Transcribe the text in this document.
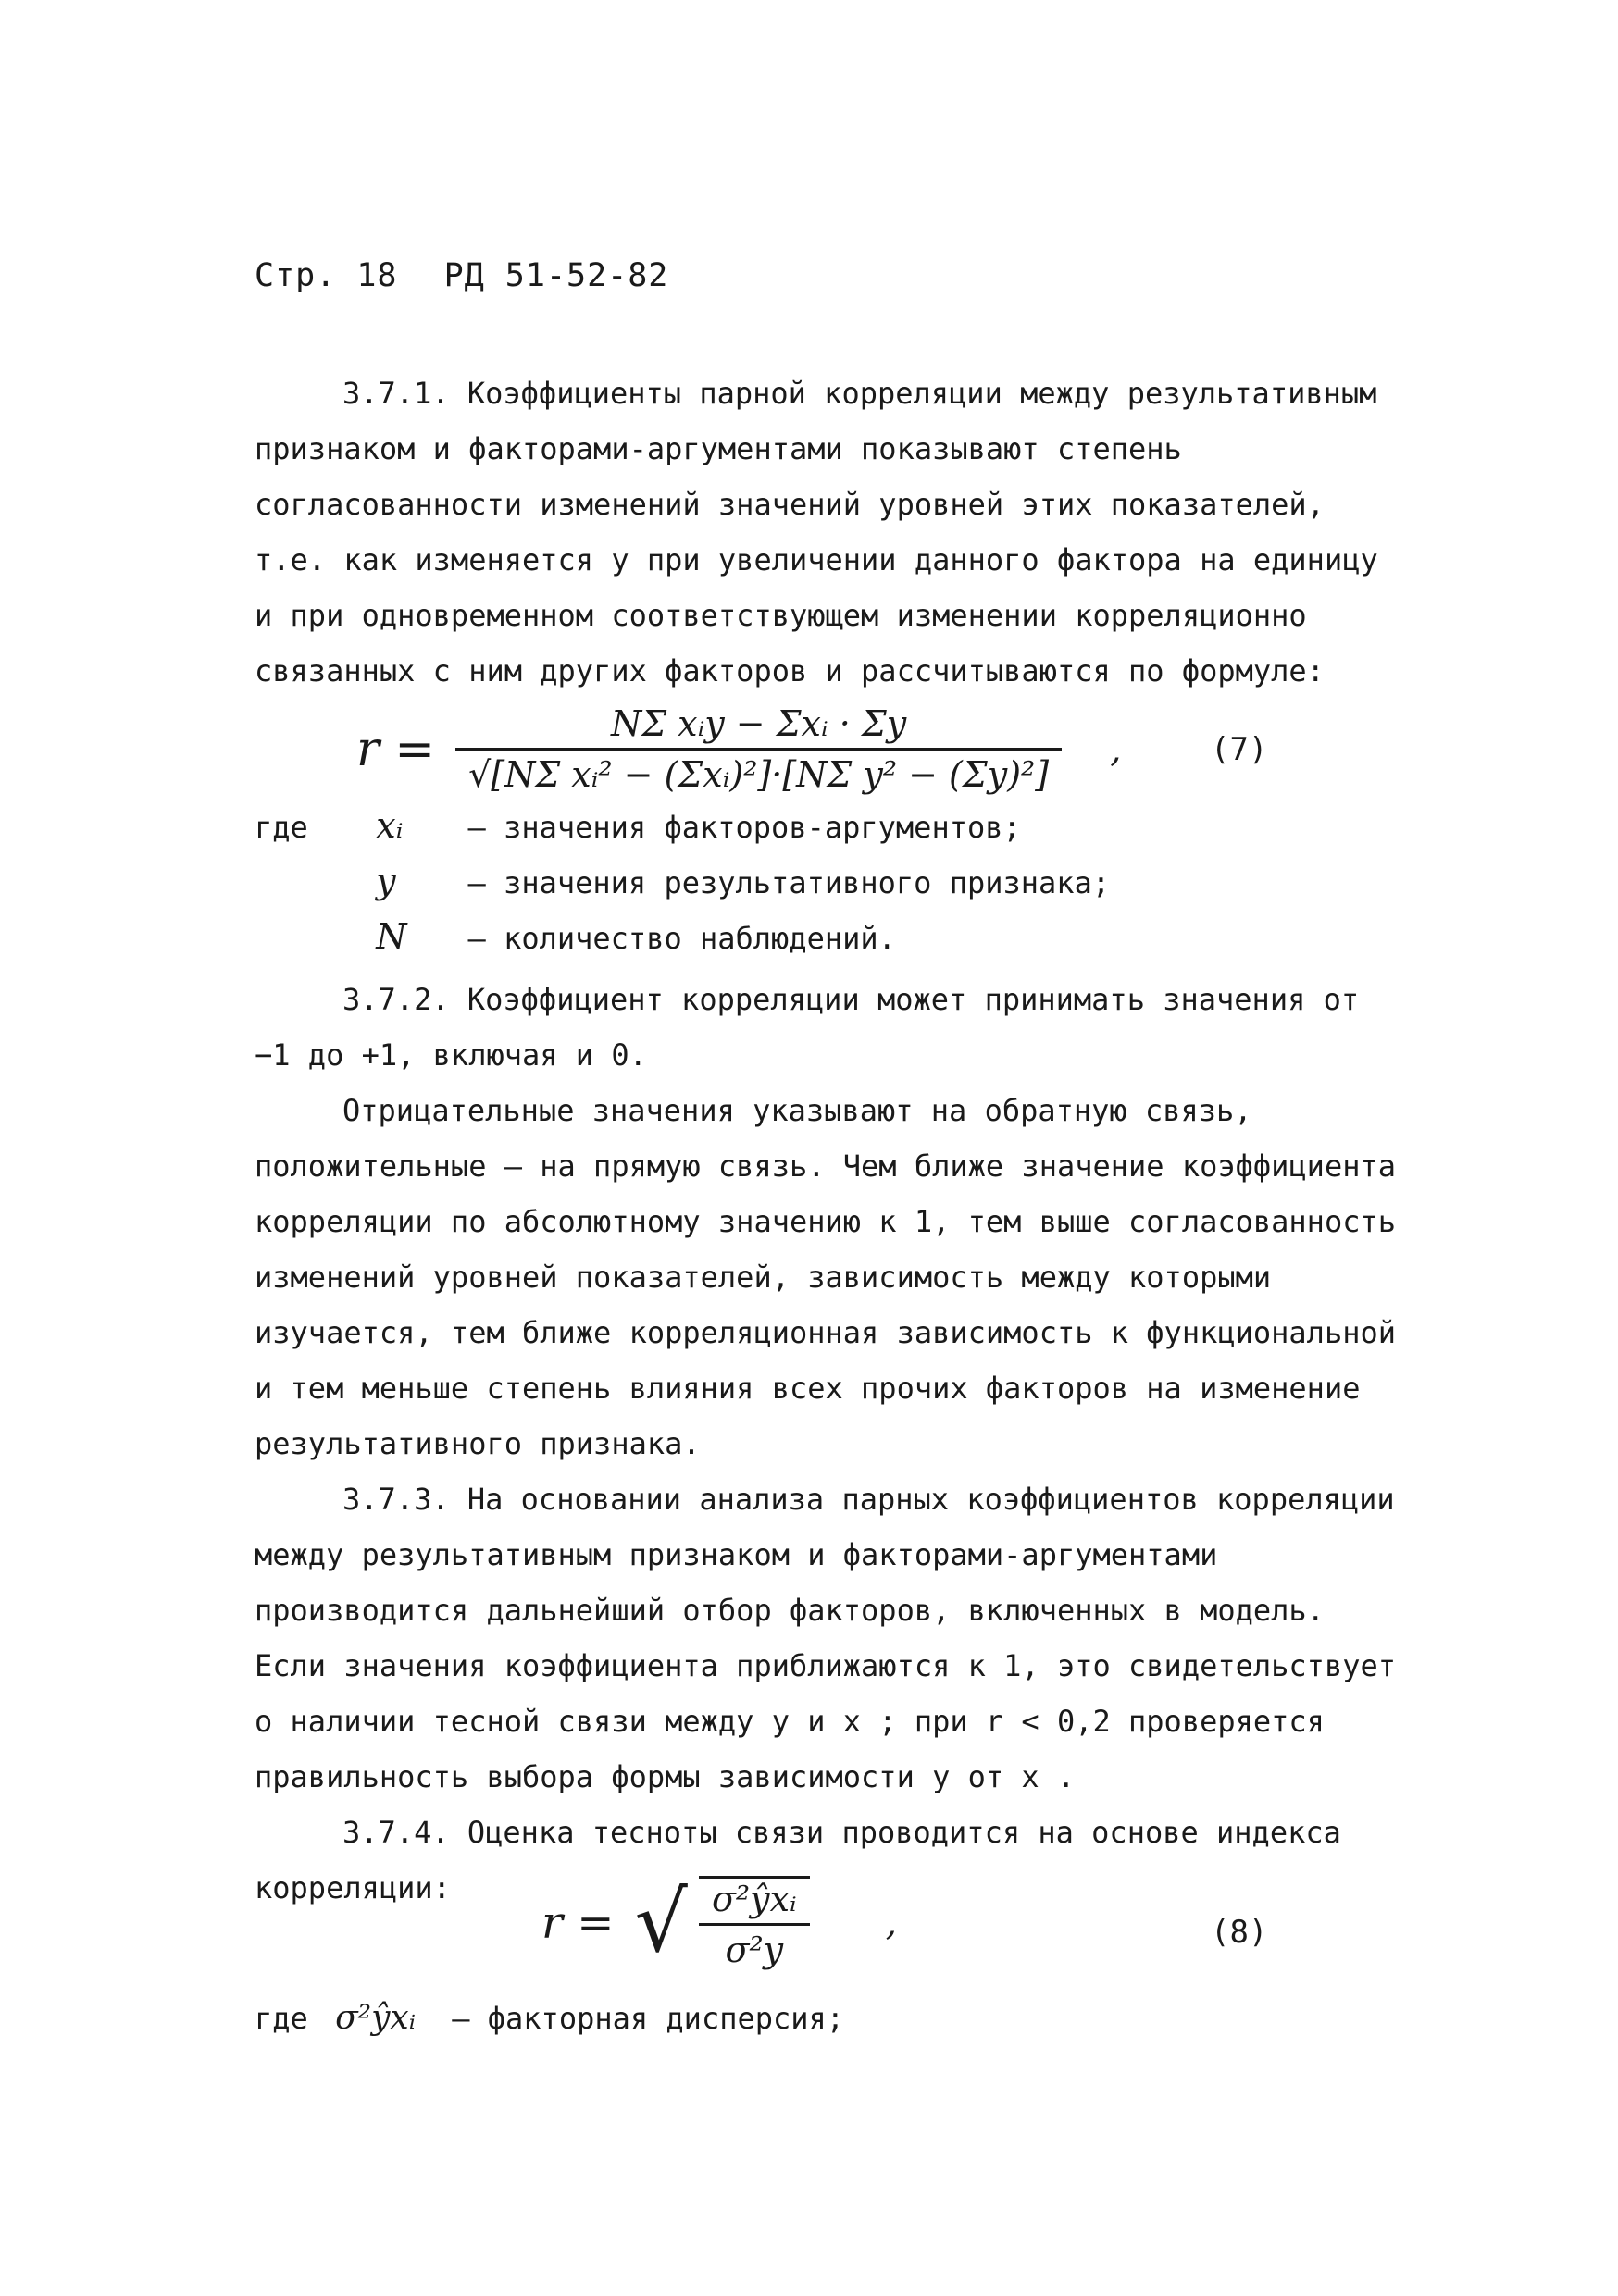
Стр. 18 РД 51-52-82

3.7.1. Коэффициенты парной корреляции между результативным признаком и факторами-аргументами показывают степень согласованности изменений значений уровней этих показателей, т.е. как изменяется y при увеличении данного фактора на единицу и при одновременном соответствующем изменении корреляционно связанных с ним других факторов и рассчитываются по формуле:

$r = \frac{\text{NΣ xᵢy − Σxᵢ · Σy}}{\text{√[NΣ xᵢ² − (Σxᵢ)²]·[NΣ y² − (Σy)²]}}$ ,	(7)
где xᵢ – значения факторов-аргументов;
y – значения результативного признака;
N – количество наблюдений.

3.7.2. Коэффициент корреляции может принимать значения от −1 до +1, включая и 0.

Отрицательные значения указывают на обратную связь, положительные – на прямую связь. Чем ближе значение коэффициента корреляции по абсолютному значению к 1, тем выше согласованность изменений уровней показателей, зависимость между которыми изучается, тем ближе корреляционная зависимость к функциональной и тем меньше степень влияния всех прочих факторов на изменение результативного признака.

3.7.3. На основании анализа парных коэффициентов корреляции между результативным признаком и факторами-аргументами производится дальнейший отбор факторов, включенных в модель. Если значения коэффициента приближаются к 1, это свидетельствует о наличии тесной связи между y и x ; при r < 0,2 проверяется правильность выбора формы зависимости y от x .

3.7.4. Оценка тесноты связи проводится на основе индекса корреляции:

r = √ $\frac{\text{σ²ŷxᵢ}}{\text{σ²y}}$ ,	(8)
где σ²ŷxᵢ – факторная дисперсия;
